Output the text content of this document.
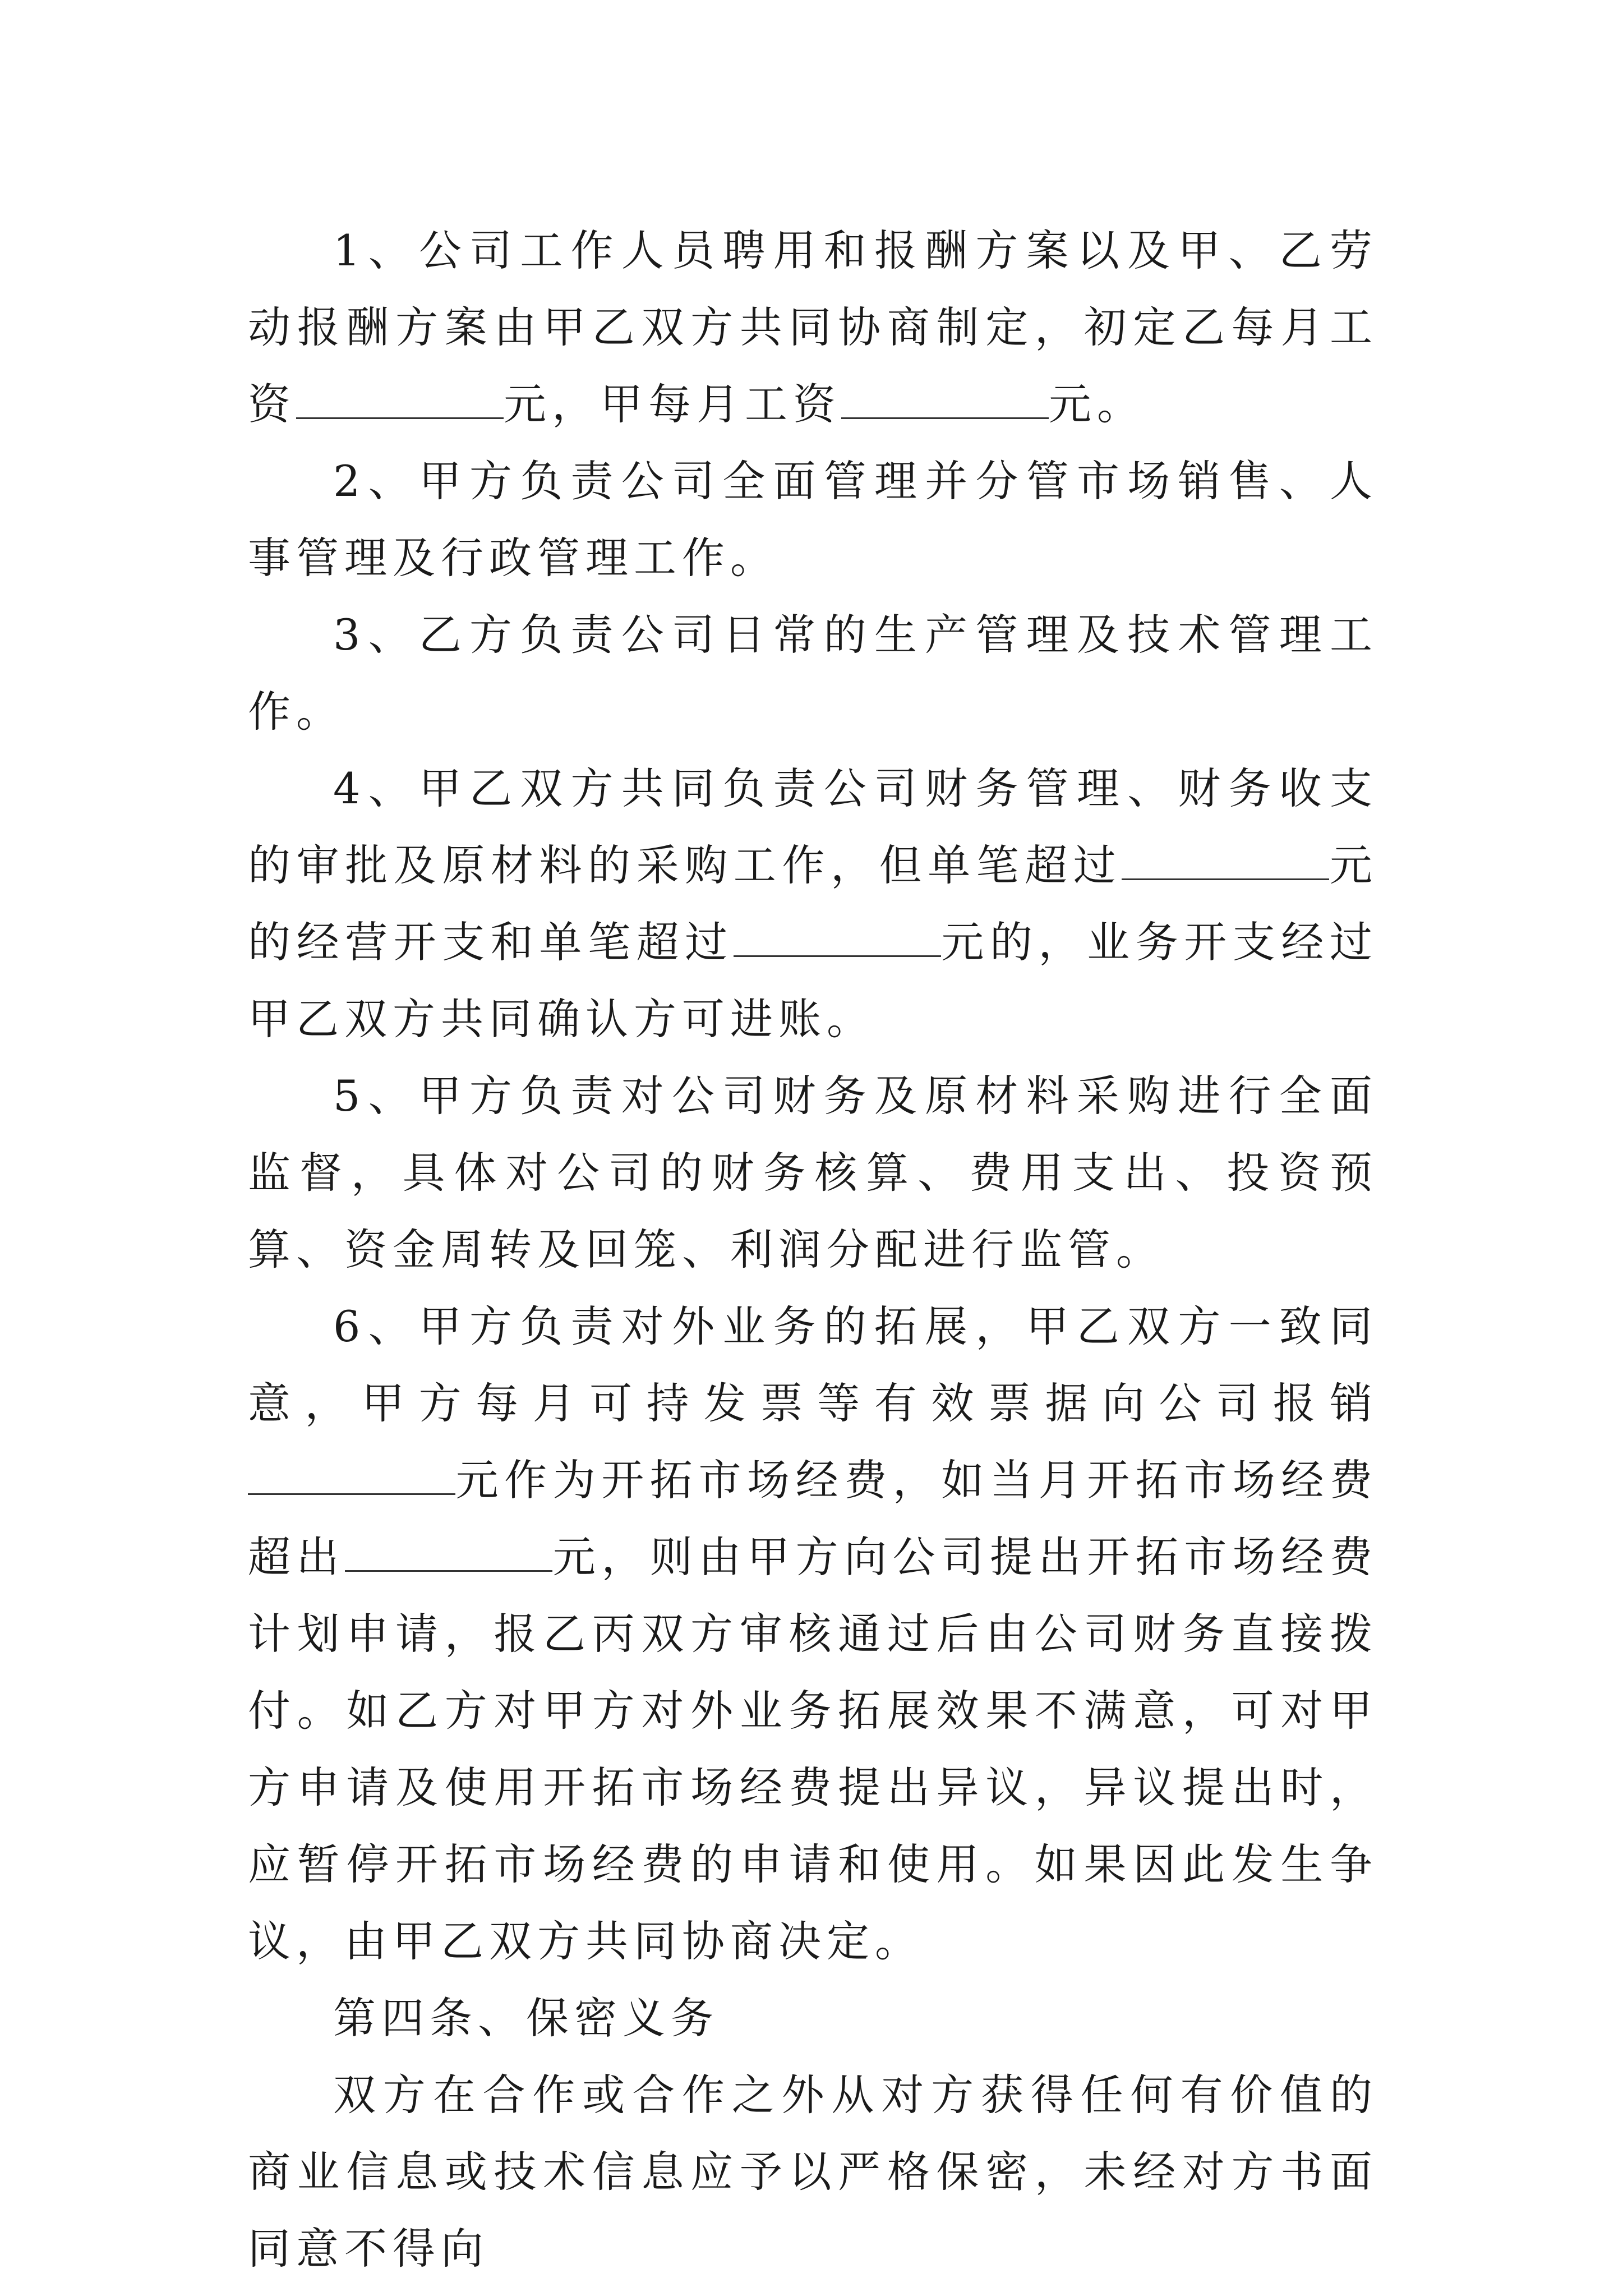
1、公司工作人员聘用和报酬方案以及甲、乙劳动报酬方案由甲乙双方共同协商制定，初定乙每月工资	元，甲每月工资	元。

2、甲方负责公司全面管理并分管市场销售、人事管理及行政管理工作。

3、乙方负责公司日常的生产管理及技术管理工作。

4、甲乙双方共同负责公司财务管理、财务收支的审批及原材料的采购工作，但单笔超过	元的经营开支和单笔超过	元的，业务开支经过甲乙双方共同确认方可进账。

5、甲方负责对公司财务及原材料采购进行全面监督，具体对公司的财务核算、费用支出、投资预算、资金周转及回笼、利润分配进行监管。

6、甲方负责对外业务的拓展，甲乙双方一致同意，甲方每月可持发票等有效票据向公司报销元作为开拓市场经费，如当月开拓市场经费超出	元，则由甲方向公司提出开拓市场经费计划申请，报乙丙双方审核通过后由公司财务直接拨付。如乙方对甲方对外业务拓展效果不满意，可对甲方申请及使用开拓市场经费提出异议，异议提出时，应暂停开拓市场经费的申请和使用。如果因此发生争议，由甲乙双方共同协商决定。

第四条、保密义务

双方在合作或合作之外从对方获得任何有价值的商业信息或技术信息应予以严格保密，未经对方书面同意不得向
